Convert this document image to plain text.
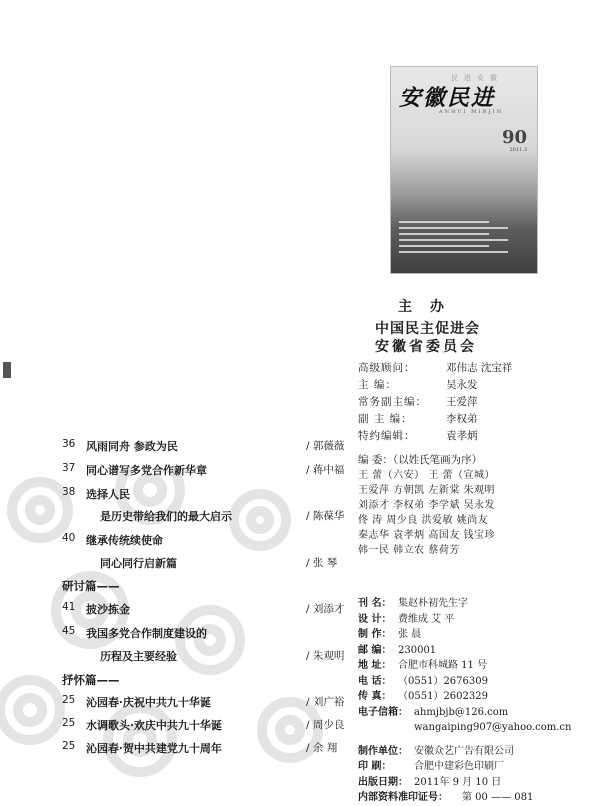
民进安徽
安徽民进
ANHUI MINJIN
90
2011.3
主办
中国民主促进会
安徽省委员会
高级顾问：	邓伟志 沈宝祥
主 编：	吴永发
常务副主编：	王爱萍
副 主 编：	李权弟
特约编辑：	袁孝炳
编 委：（以姓氏笔画为序）
王 蕾（六安） 王 蕾（宣城）
王爱萍 方朝凯 左新棠 朱观明
刘添才 李权弟 李学斌 吴永发
佟 涛 周少良 洪爱敏 姚尚友
秦志华 袁孝炳 高国友 钱宝珍
韩一民 韩立农 蔡荷芳
刊 名： 集赵朴初先生字
设 计： 费维成 艾 平
制 作： 张 晨
邮 编： 230001
地 址： 合肥市科城路 11 号
电 话： （0551）2676309
传 真： （0551）2602329
电子信箱： ahmjbjb@126.com
wangaiping907@yahoo.com.cn
制作单位： 安徽众艺广告有限公司
印 刷：	合肥中建彩色印刷厂
出版日期： 2011年 9 月 10 日
内部资料准印证号：	第 00 —— 081
36 风雨同舟 参政为民	/ 郭薇薇
37 同心谱写多党合作新华章	/ 蒋中福
38 选择人民
是历史带给我们的最大启示	/ 陈葆华
40 继承传统续使命
同心同行启新篇	/ 张 琴
研讨篇——
41 披沙拣金	/ 刘添才
45 我国多党合作制度建设的
历程及主要经验	/ 朱观明
抒怀篇——
25 沁园春·庆祝中共九十华诞	/ 刘广裕
25 水调歌头·欢庆中共九十华诞	/ 周少良
25 沁园春·贺中共建党九十周年	/ 余 翔
